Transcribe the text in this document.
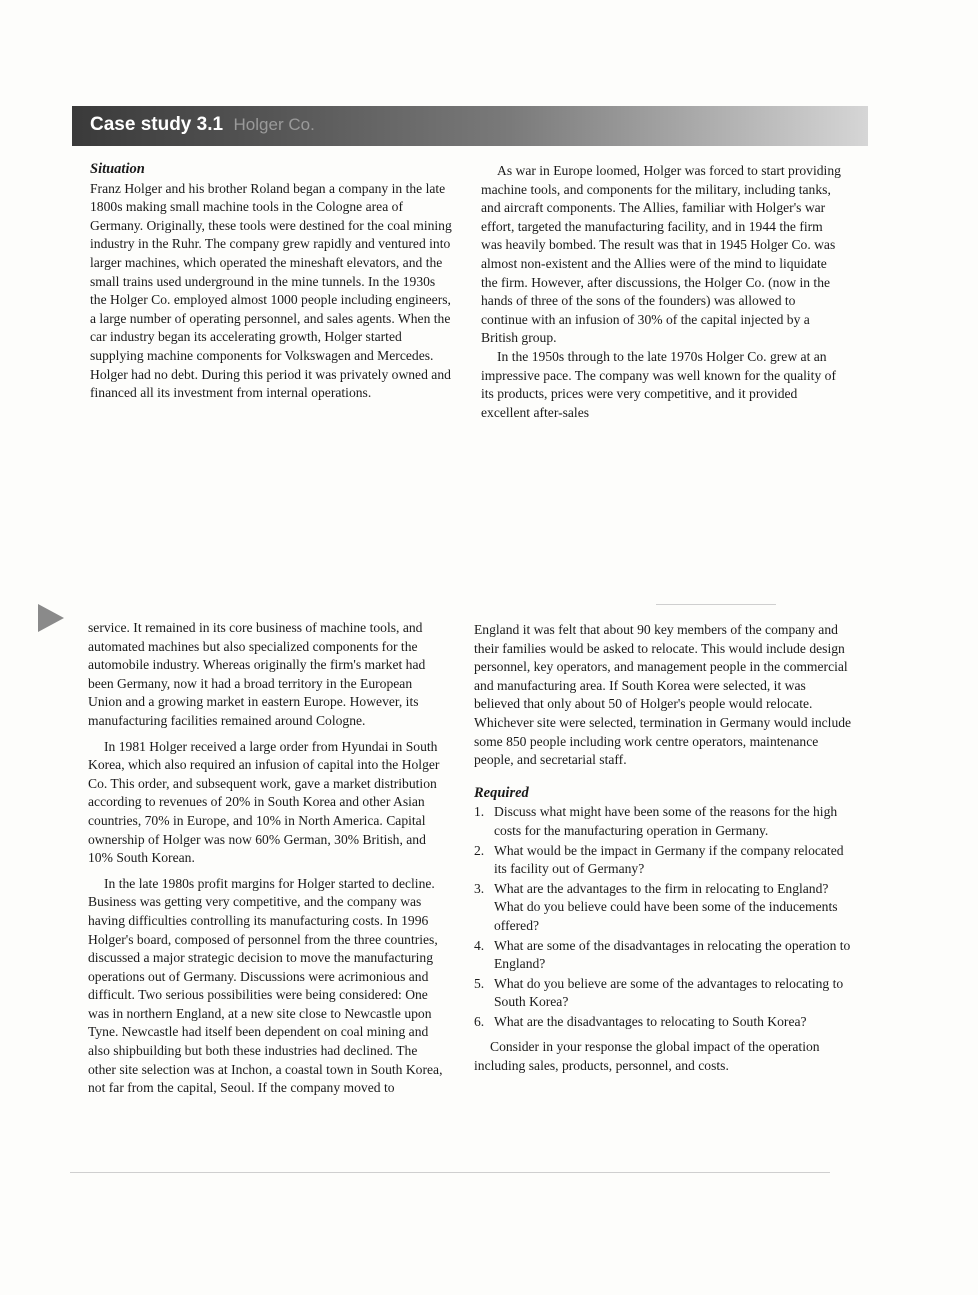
Case study 3.1 Holger Co.
Situation

Franz Holger and his brother Roland began a company in the late 1800s making small machine tools in the Cologne area of Germany. Originally, these tools were destined for the coal mining industry in the Ruhr. The company grew rapidly and ventured into larger machines, which operated the mineshaft elevators, and the small trains used underground in the mine tunnels. In the 1930s the Holger Co. employed almost 1000 people including engineers, a large number of operating personnel, and sales agents. When the car industry began its accelerating growth, Holger started supplying machine components for Volkswagen and Mercedes. Holger had no debt. During this period it was privately owned and financed all its investment from internal operations.

As war in Europe loomed, Holger was forced to start providing machine tools, and components for the military, including tanks, and aircraft components. The Allies, familiar with Holger's war effort, targeted the manufacturing facility, and in 1944 the firm was heavily bombed. The result was that in 1945 Holger Co. was almost non-existent and the Allies were of the mind to liquidate the firm. However, after discussions, the Holger Co. (now in the hands of three of the sons of the founders) was allowed to continue with an infusion of 30% of the capital injected by a British group.

In the 1950s through to the late 1970s Holger Co. grew at an impressive pace. The company was well known for the quality of its products, prices were very competitive, and it provided excellent after-sales

service. It remained in its core business of machine tools, and automated machines but also specialized components for the automobile industry. Whereas originally the firm's market had been Germany, now it had a broad territory in the European Union and a growing market in eastern Europe. However, its manufacturing facilities remained around Cologne.

In 1981 Holger received a large order from Hyundai in South Korea, which also required an infusion of capital into the Holger Co. This order, and subsequent work, gave a market distribution according to revenues of 20% in South Korea and other Asian countries, 70% in Europe, and 10% in North America. Capital ownership of Holger was now 60% German, 30% British, and 10% South Korean.

In the late 1980s profit margins for Holger started to decline. Business was getting very competitive, and the company was having difficulties controlling its manufacturing costs. In 1996 Holger's board, composed of personnel from the three countries, discussed a major strategic decision to move the manufacturing operations out of Germany. Discussions were acrimonious and difficult. Two serious possibilities were being considered: One was in northern England, at a new site close to Newcastle upon Tyne. Newcastle had itself been dependent on coal mining and also shipbuilding but both these industries had declined. The other site selection was at Inchon, a coastal town in South Korea, not far from the capital, Seoul. If the company moved to

England it was felt that about 90 key members of the company and their families would be asked to relocate. This would include design personnel, key operators, and management people in the commercial and manufacturing area. If South Korea were selected, it was believed that only about 50 of Holger's people would relocate. Whichever site were selected, termination in Germany would include some 850 people including work centre operators, maintenance people, and secretarial staff.

Required
1. Discuss what might have been some of the reasons for the high costs for the manufacturing operation in Germany.
2. What would be the impact in Germany if the company relocated its facility out of Germany?
3. What are the advantages to the firm in relocating to England? What do you believe could have been some of the inducements offered?
4. What are some of the disadvantages in relocating the operation to England?
5. What do you believe are some of the advantages to relocating to South Korea?
6. What are the disadvantages to relocating to South Korea?

Consider in your response the global impact of the operation including sales, products, personnel, and costs.
